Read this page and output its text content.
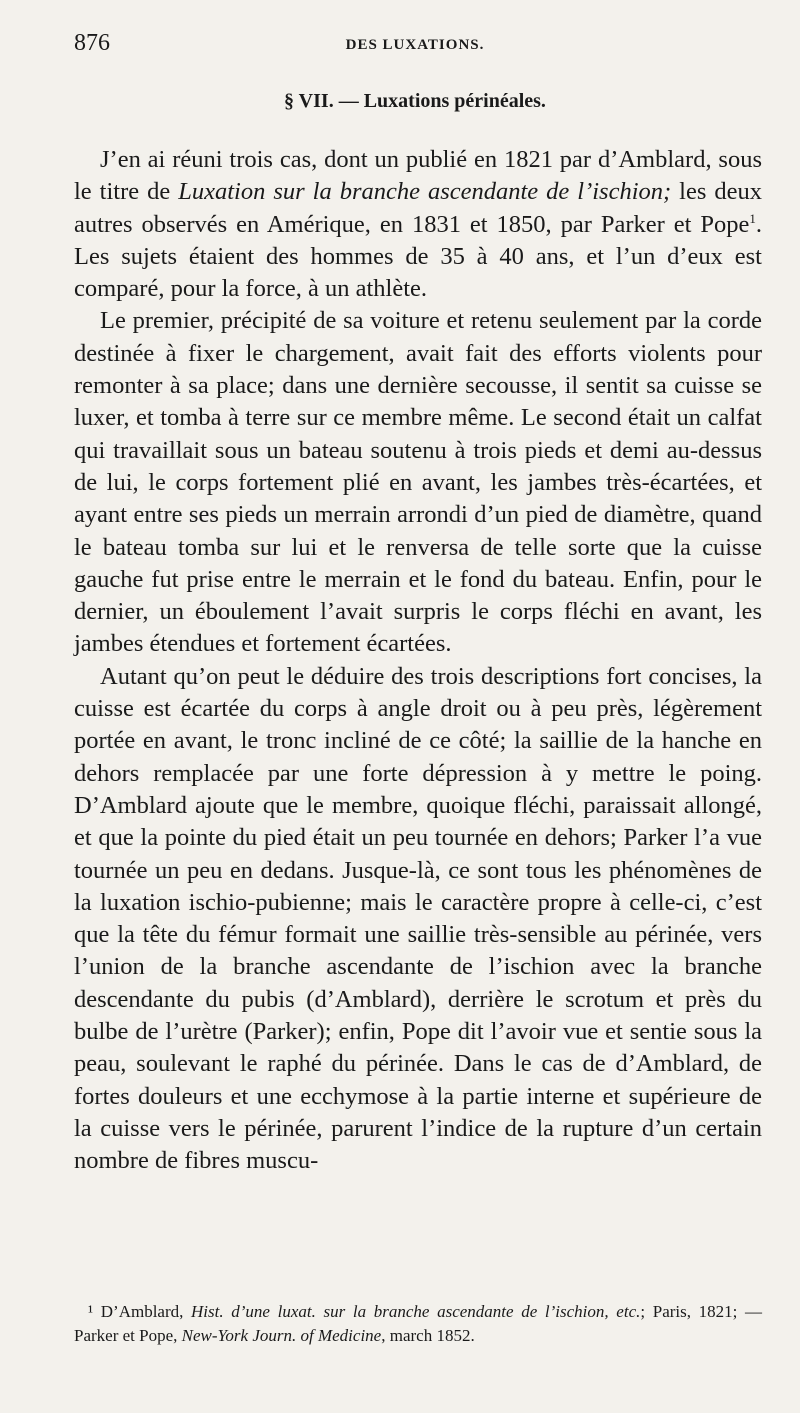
876	DES LUXATIONS.
§ VII. — Luxations périnéales.

J’en ai réuni trois cas, dont un publié en 1821 par d’Amblard, sous le titre de Luxation sur la branche ascendante de l’ischion; les deux autres observés en Amérique, en 1831 et 1850, par Parker et Pope$^1$. Les sujets étaient des hommes de 35 à 40 ans, et l’un d’eux est comparé, pour la force, à un athlète.

Le premier, précipité de sa voiture et retenu seulement par la corde destinée à fixer le chargement, avait fait des efforts violents pour remonter à sa place; dans une dernière secousse, il sentit sa cuisse se luxer, et tomba à terre sur ce membre même. Le second était un calfat qui travaillait sous un bateau soutenu à trois pieds et demi au-dessus de lui, le corps fortement plié en avant, les jambes très-écartées, et ayant entre ses pieds un merrain arrondi d’un pied de diamètre, quand le bateau tomba sur lui et le renversa de telle sorte que la cuisse gauche fut prise entre le merrain et le fond du bateau. Enfin, pour le dernier, un éboulement l’avait surpris le corps fléchi en avant, les jambes étendues et fortement écartées.

Autant qu’on peut le déduire des trois descriptions fort concises, la cuisse est écartée du corps à angle droit ou à peu près, légèrement portée en avant, le tronc incliné de ce côté; la saillie de la hanche en dehors remplacée par une forte dépression à y mettre le poing. D’Amblard ajoute que le membre, quoique fléchi, paraissait allongé, et que la pointe du pied était un peu tournée en dehors; Parker l’a vue tournée un peu en dedans. Jusque-là, ce sont tous les phénomènes de la luxation ischio-pubienne; mais le caractère propre à celle-ci, c’est que la tête du fémur formait une saillie très-sensible au périnée, vers l’union de la branche ascendante de l’ischion avec la branche descendante du pubis (d’Amblard), derrière le scrotum et près du bulbe de l’urètre (Parker); enfin, Pope dit l’avoir vue et sentie sous la peau, soulevant le raphé du périnée. Dans le cas de d’Amblard, de fortes douleurs et une ecchymose à la partie interne et supérieure de la cuisse vers le périnée, parurent l’indice de la rupture d’un certain nombre de fibres muscu-

¹ D’Amblard, Hist. d’une luxat. sur la branche ascendante de l’ischion, etc.; Paris, 1821; — Parker et Pope, New-York Journ. of Medicine, march 1852.
